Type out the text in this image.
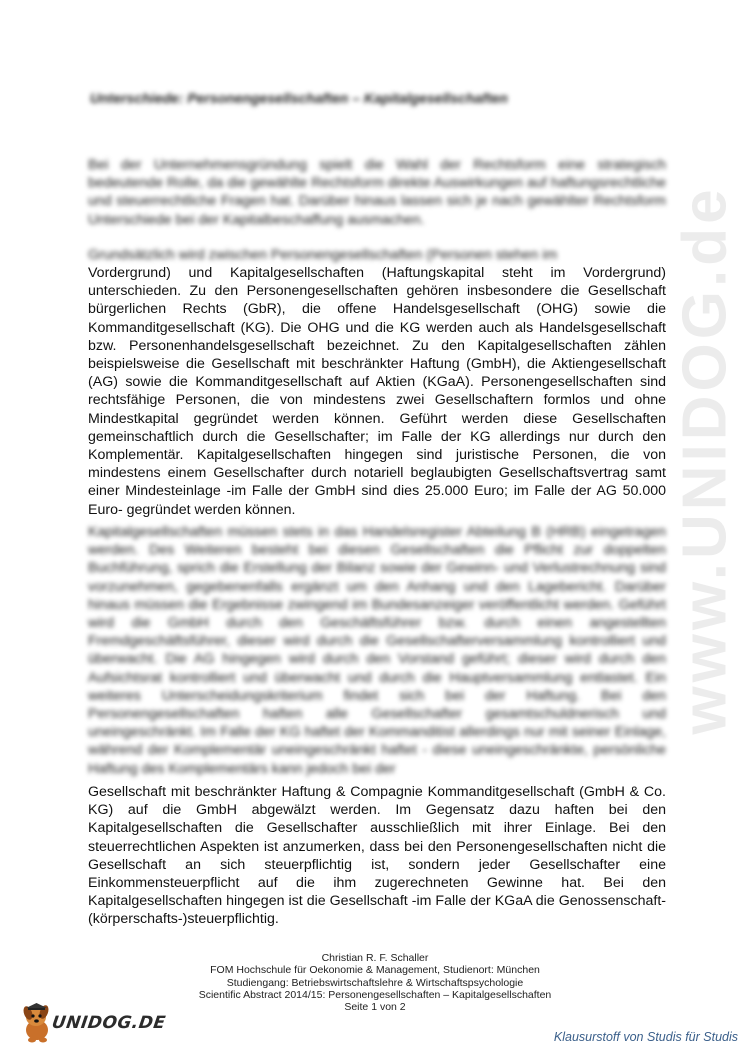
www.UNIDOG.de
Unterschiede: Personengesellschaften – Kapitalgesellschaften

Bei der Unternehmensgründung spielt die Wahl der Rechtsform eine strategisch bedeutende Rolle, da die gewählte Rechtsform direkte Auswirkungen auf haftungsrechtliche und steuerrechtliche Fragen hat. Darüber hinaus lassen sich je nach gewählter Rechtsform Unterschiede bei der Kapitalbeschaffung ausmachen.

Grundsätzlich wird zwischen Personengesellschaften (Personen stehen im

Vordergrund) und Kapitalgesellschaften (Haftungskapital steht im Vordergrund) unterschieden. Zu den Personengesellschaften gehören insbesondere die Gesellschaft bürgerlichen Rechts (GbR), die offene Handelsgesellschaft (OHG) sowie die Kommanditgesellschaft (KG). Die OHG und die KG werden auch als Handelsgesellschaft bzw. Personenhandelsgesellschaft bezeichnet. Zu den Kapitalgesellschaften zählen beispielsweise die Gesellschaft mit beschränkter Haftung (GmbH), die Aktiengesellschaft (AG) sowie die Kommanditgesellschaft auf Aktien (KGaA). Personengesellschaften sind rechtsfähige Personen, die von mindestens zwei Gesellschaftern formlos und ohne Mindestkapital gegründet werden können. Geführt werden diese Gesellschaften gemeinschaftlich durch die Gesellschafter; im Falle der KG allerdings nur durch den Komplementär. Kapitalgesellschaften hingegen sind juristische Personen, die von mindestens einem Gesellschafter durch notariell beglaubigten Gesellschaftsvertrag samt einer Mindesteinlage -im Falle der GmbH sind dies 25.000 Euro; im Falle der AG 50.000 Euro- gegründet werden können.

Kapitalgesellschaften müssen stets in das Handelsregister Abteilung B (HRB) eingetragen werden. Des Weiteren besteht bei diesen Gesellschaften die Pflicht zur doppelten Buchführung, sprich die Erstellung der Bilanz sowie der Gewinn- und Verlustrechnung sind vorzunehmen, gegebenenfalls ergänzt um den Anhang und den Lagebericht. Darüber hinaus müssen die Ergebnisse zwingend im Bundesanzeiger veröffentlicht werden. Geführt wird die GmbH durch den Geschäftsführer bzw. durch einen angestellten Fremdgeschäftsführer, dieser wird durch die Gesellschafterversammlung kontrolliert und überwacht. Die AG hingegen wird durch den Vorstand geführt; dieser wird durch den Aufsichtsrat kontrolliert und überwacht und durch die Hauptversammlung entlastet. Ein weiteres Unterscheidungskriterium findet sich bei der Haftung. Bei den Personengesellschaften haften alle Gesellschafter gesamtschuldnerisch und uneingeschränkt. Im Falle der KG haftet der Kommanditist allerdings nur mit seiner Einlage, während der Komplementär uneingeschränkt haftet - diese uneingeschränkte, persönliche Haftung des Komplementärs kann jedoch bei der

Gesellschaft mit beschränkter Haftung & Compagnie Kommanditgesellschaft (GmbH & Co. KG) auf die GmbH abgewälzt werden. Im Gegensatz dazu haften bei den Kapitalgesellschaften die Gesellschafter ausschließlich mit ihrer Einlage. Bei den steuerrechtlichen Aspekten ist anzumerken, dass bei den Personengesellschaften nicht die Gesellschaft an sich steuerpflichtig ist, sondern jeder Gesellschafter eine Einkommensteuerpflicht auf die ihm zugerechneten Gewinne hat. Bei den Kapitalgesellschaften hingegen ist die Gesellschaft -im Falle der KGaA die Genossenschaft- (körperschafts-)steuerpflichtig.

Christian R. F. Schaller
FOM Hochschule für Oekonomie & Management, Studienort: München
Studiengang: Betriebswirtschaftslehre & Wirtschaftspsychologie
Scientific Abstract 2014/15: Personengesellschaften – Kapitalgesellschaften
Seite 1 von 2
UNIDOG.DE
Klausurstoff von Studis für Studis
